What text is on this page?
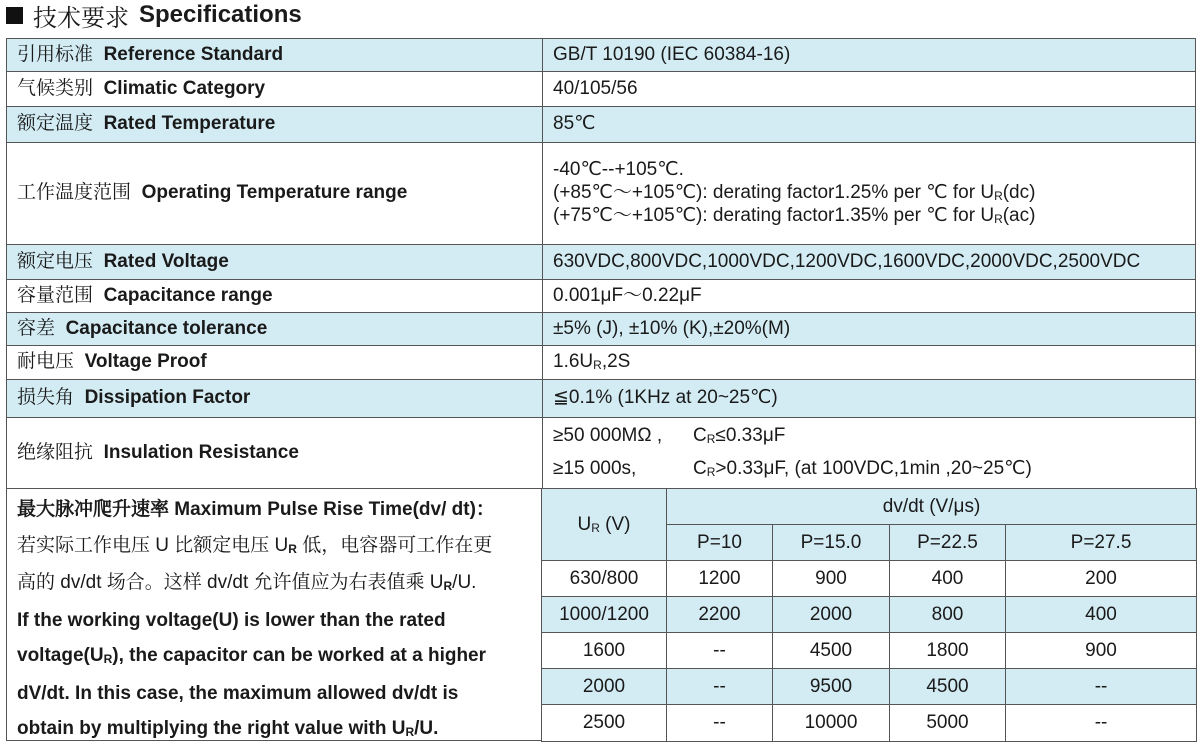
技术要求 Specifications
引用标准 Reference Standard	GB/T 10190 (IEC 60384-16)
气候类别 Climatic Category	40/105/56
额定温度 Rated Temperature	85℃
工作温度范围 Operating Temperature range	-40℃--+105℃.
(+85℃～+105℃): derating factor1.25% per ℃ for $U_R(dc)$
(+75℃～+105℃): derating factor1.35% per ℃ for $U_R(ac)$

额定电压 Rated Voltage	630VDC,800VDC,1000VDC,1200VDC,1600VDC,2000VDC,2500VDC
容量范围 Capacitance range	0.001μF～0.22μF
容差 Capacitance tolerance	±5% (J), ±10% (K),±20%(M)
耐电压 Voltage Proof	$1.6U_R,2S$
损失角 Dissipation Factor	≦0.1% (1KHz at 20~25℃)
绝缘阻抗 Insulation Resistance	≥50 000MΩ , $C_R\le 0.33\mu F$
≥15 000s, $C_R>0.33\mu F$, (at 100VDC,1min ,20~25℃)

最大脉冲爬升速率 Maximum Pulse Rise Time(dv/ dt)：

若实际工作电压 U 比额定电压 $U_R$ 低，电容器可工作在更

高的 dv/dt 场合。这样 dv/dt 允许值应为右表值乘 $U_R/U$.

If the working voltage(U) is lower than the rated

$voltage(U_R)$, the capacitor can be worked at a higher

dV/dt. In this case, the maximum allowed dv/dt is

obtain by multiplying the right value with $U_R/U$.

$U_R$ (V)	dv/dt (V/μs)			
	P=10	P=15.0	P=22.5	P=27.5
630/800	1200	900	400	200
1000/1200	2200	2000	800	400
1600	--	4500	1800	900
2000	--	9500	4500	--
2500	--	10000	5000	--
